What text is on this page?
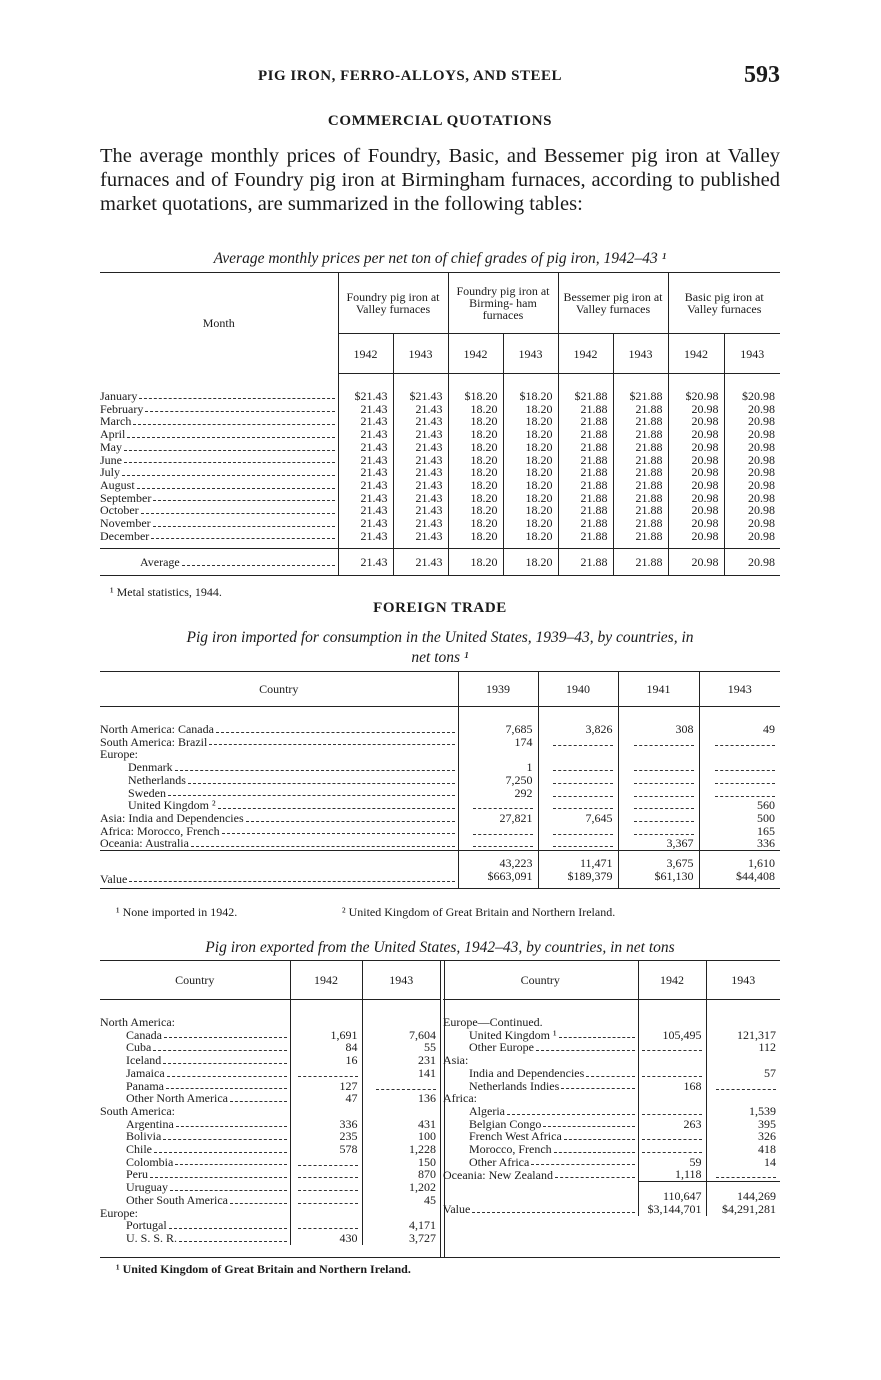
PIG IRON, FERRO-ALLOYS, AND STEEL	593
COMMERCIAL QUOTATIONS

The average monthly prices of Foundry, Basic, and Bessemer pig iron at Valley furnaces and of Foundry pig iron at Birmingham furnaces, according to published market quotations, are summarized in the following tables:

Average monthly prices per net ton of chief grades of pig iron, 1942–43 ¹
Month	Foundry pig iron at Valley furnaces		Foundry pig iron at Birming- ham furnaces		Bessemer pig iron at Valley furnaces		Basic pig iron at Valley furnaces	
	1942	1943	1942	1943	1942	1943	1942	1943

January	$21.43	$21.43	$18.20	$18.20	$21.88	$21.88	$20.98	$20.98

February	21.43	21.43	18.20	18.20	21.88	21.88	20.98	20.98

March	21.43	21.43	18.20	18.20	21.88	21.88	20.98	20.98

April	21.43	21.43	18.20	18.20	21.88	21.88	20.98	20.98

May	21.43	21.43	18.20	18.20	21.88	21.88	20.98	20.98

June	21.43	21.43	18.20	18.20	21.88	21.88	20.98	20.98

July	21.43	21.43	18.20	18.20	21.88	21.88	20.98	20.98

August	21.43	21.43	18.20	18.20	21.88	21.88	20.98	20.98

September	21.43	21.43	18.20	18.20	21.88	21.88	20.98	20.98

October	21.43	21.43	18.20	18.20	21.88	21.88	20.98	20.98

November	21.43	21.43	18.20	18.20	21.88	21.88	20.98	20.98

December	21.43	21.43	18.20	18.20	21.88	21.88	20.98	20.98

Average	21.43	21.43	18.20	18.20	21.88	21.88	20.98	20.98
¹ Metal statistics, 1944.
FOREIGN TRADE
Pig iron imported for consumption in the United States, 1939–43, by countries, in
net tons ¹
Country	1939	1940	1941	1943

North America: Canada	7,685	3,826	308	49

South America: Brazil	174			

Europe:				

Denmark	1			

Netherlands	7,250			

Sweden	292			

United Kingdom ²				560

Asia: India and Dependencies	27,821	7,645		500

Africa: Morocco, French				165

Oceania: Australia			3,367	336
	43,223	11,471	3,675	1,610

Value	$663,091	$189,379	$61,130	$44,408
¹ None imported in 1942.	² United Kingdom of Great Britain and Northern Ireland.
Pig iron exported from the United States, 1942–43, by countries, in net tons
Country	1942	1943

North America:		

Canada	1,691	7,604

Cuba	84	55

Iceland	16	231

Jamaica		141

Panama	127	

Other North America	47	136

South America:		

Argentina	336	431

Bolivia	235	100

Chile	578	1,228

Colombia		150

Peru		870

Uruguay		1,202

Other South America		45

Europe:		

Portugal		4,171

U. S. S. R.	430	3,727
Country	1942	1943

Europe—Continued.		

United Kingdom ¹	105,495	121,317

Other Europe		112

Asia:		

India and Dependencies		57

Netherlands Indies	168	

Africa:		

Algeria		1,539

Belgian Congo	263	395

French West Africa		326

Morocco, French		418

Other Africa	59	14

Oceania: New Zealand	1,118	
	110,647	144,269

Value	$3,144,701	$4,291,281
¹ United Kingdom of Great Britain and Northern Ireland.
